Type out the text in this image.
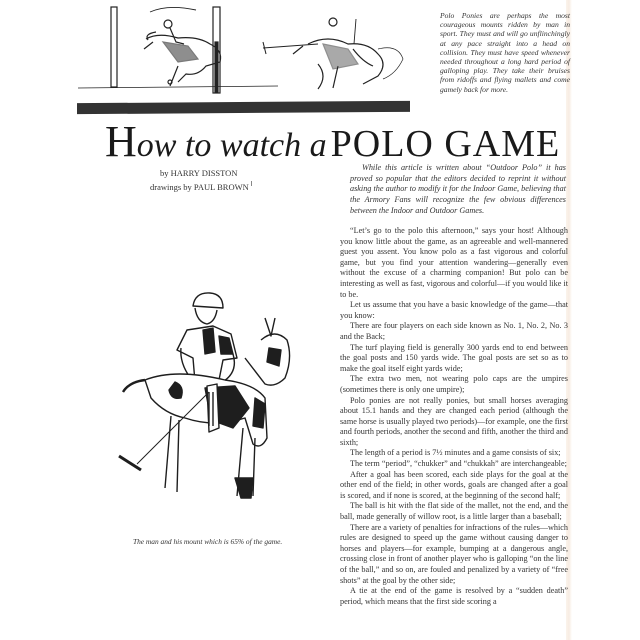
Polo Ponies are perhaps the most courageous mounts ridden by man in sport. They must and will go unflinchingly at any pace straight into a head on collision. They must have speed whenever needed throughout a long hard period of galloping play. They take their bruises from ridoffs and flying mallets and come gamely back for more.
How to watch a POLO GAME
by HARRY DISSTON
drawings by PAUL BROWN
While this article is written about “Outdoor Polo” it has proved so popular that the editors decided to reprint it without asking the author to modify it for the Indoor Game, believing that the Armory Fans will recognize the few obvious differences between the Indoor and Outdoor Games.

“Let’s go to the polo this afternoon,” says your host! Although you know little about the game, as an agreeable and well-mannered guest you assent. You know polo as a fast vigorous and colorful game, but you find your attention wandering—generally even without the excuse of a charming companion! But polo can be interesting as well as fast, vigorous and colorful—if you would like it to be.

Let us assume that you have a basic knowledge of the game—that you know:

There are four players on each side known as No. 1, No. 2, No. 3 and the Back;

The turf playing field is generally 300 yards end to end between the goal posts and 150 yards wide. The goal posts are set so as to make the goal itself eight yards wide;

The extra two men, not wearing polo caps are the umpires (sometimes there is only one umpire);

Polo ponies are not really ponies, but small horses averaging about 15.1 hands and they are changed each period (although the same horse is usually played two periods)—for example, one the first and fourth periods, another the second and fifth, another the third and sixth;

The length of a period is 7½ minutes and a game consists of six;

The term “period”, “chukker” and “chukkah” are interchangeable;

After a goal has been scored, each side plays for the goal at the other end of the field; in other words, goals are changed after a goal is scored, and if none is scored, at the beginning of the second half;

The ball is hit with the flat side of the mallet, not the end, and the ball, made generally of willow root, is a little larger than a baseball;

There are a variety of penalties for infractions of the rules—which rules are designed to speed up the game without causing danger to horses and players—for example, bumping at a dangerous angle, crossing close in front of another player who is galloping “on the line of the ball,” and so on, are fouled and penalized by a variety of “free shots” at the goal by the other side;

A tie at the end of the game is resolved by a “sudden death” period, which means that the first side scoring a

The man and his mount which is 65% of the game.
